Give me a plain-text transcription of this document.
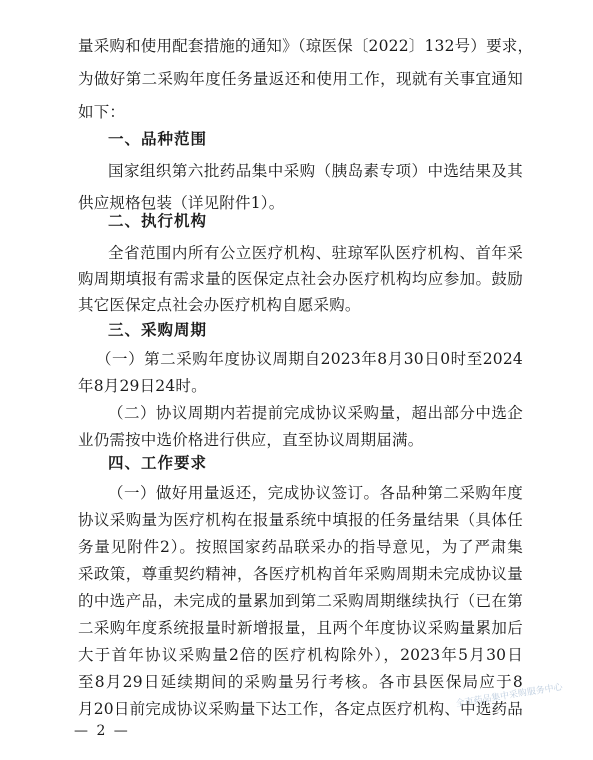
量采购和使用配套措施的通知》（琼医保〔2022〕132号）要求，
为做好第二采购年度任务量返还和使用工作，现就有关事宜通知
如下：
一、品种范围
国家组织第六批药品集中采购（胰岛素专项）中选结果及其
供应规格包装（详见附件1）。
二、执行机构
全省范围内所有公立医疗机构、驻琼军队医疗机构、首年采
购周期填报有需求量的医保定点社会办医疗机构均应参加。鼓励
其它医保定点社会办医疗机构自愿采购。
三、采购周期
（一）第二采购年度协议周期自2023年8月30日0时至2024
年8月29日24时。
（二）协议周期内若提前完成协议采购量，超出部分中选企
业仍需按中选价格进行供应，直至协议周期届满。
四、工作要求
（一）做好用量返还，完成协议签订。各品种第二采购年度
协议采购量为医疗机构在报量系统中填报的任务量结果（具体任
务量见附件2）。按照国家药品联采办的指导意见，为了严肃集
采政策，尊重契约精神，各医疗机构首年采购周期未完成协议量
的中选产品，未完成的量累加到第二采购周期继续执行（已在第
二采购年度系统报量时新增报量，且两个年度协议采购量累加后
大于首年协议采购量2倍的医疗机构除外），2023年5月30日
至8月29日延续期间的采购量另行考核。各市县医保局应于8
月20日前完成协议采购量下达工作，各定点医疗机构、中选药品
— 2 —
全市药品集中采购服务中心
